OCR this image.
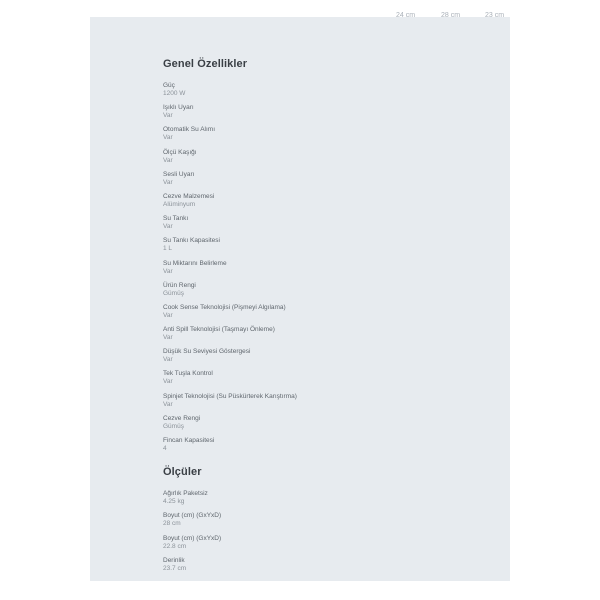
24 cm	28 cm	23 cm
Genel Özellikler
Güç
1200 W
Işıklı Uyarı
Var
Otomatik Su Alımı
Var
Ölçü Kaşığı
Var
Sesli Uyarı
Var
Cezve Malzemesi
Alüminyum
Su Tankı
Var
Su Tankı Kapasitesi
1 L
Su Miktarını Belirleme
Var
Ürün Rengi
Gümüş
Cook Sense Teknolojisi (Pişmeyi Algılama)
Var
Anti Spill Teknolojisi (Taşmayı Önleme)
Var
Düşük Su Seviyesi Göstergesi
Var
Tek Tuşla Kontrol
Var
Spinjet Teknolojisi (Su Püskürterek Karıştırma)
Var
Cezve Rengi
Gümüş
Fincan Kapasitesi
4
Ölçüler
Ağırlık Paketsiz
4.25 kg
Boyut (cm) (GxYxD)
28 cm
Boyut (cm) (GxYxD)
22.8 cm
Derinlik
23.7 cm
